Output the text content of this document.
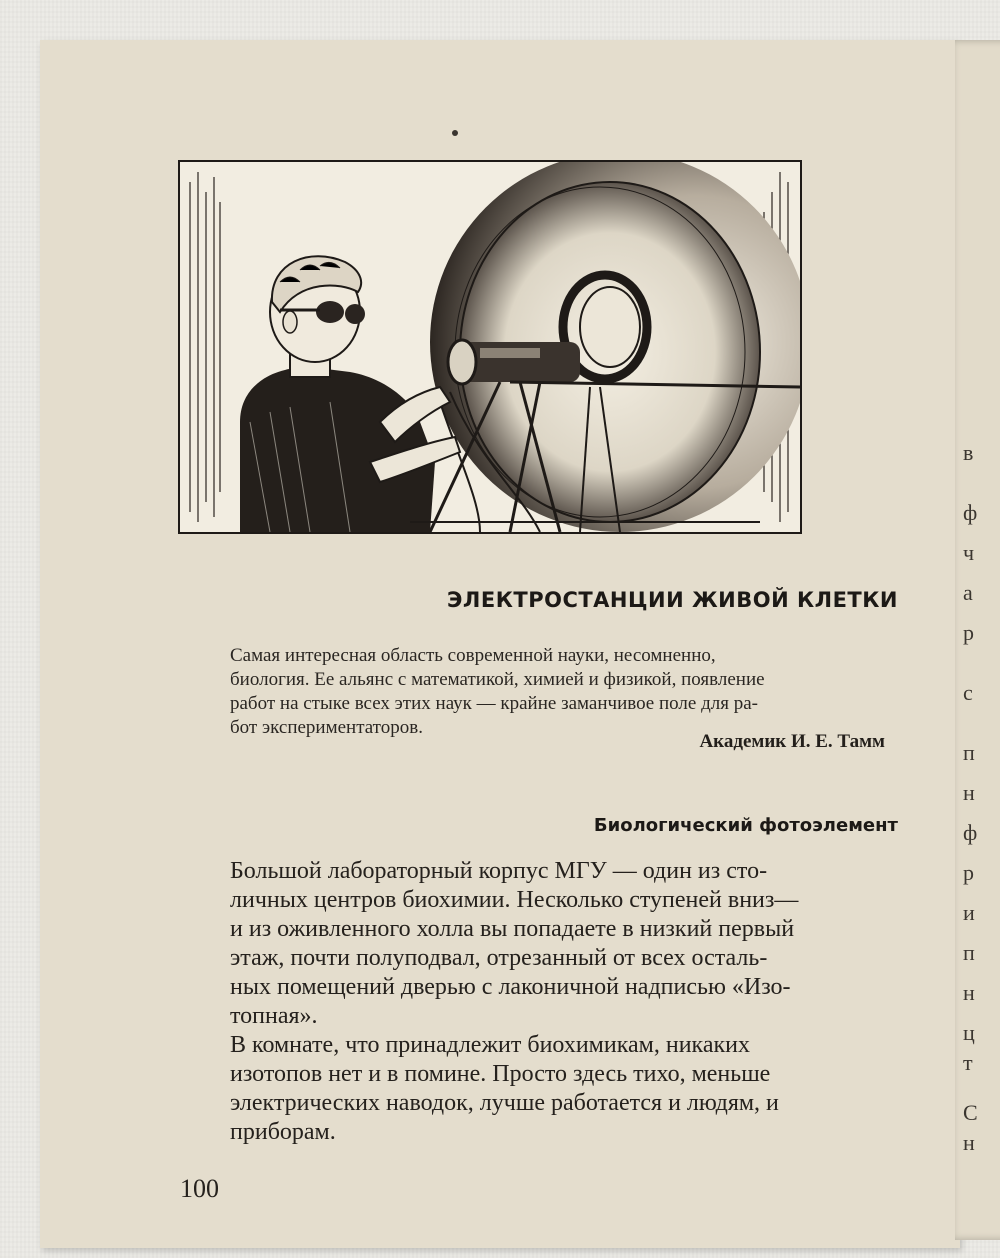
в
ф
ч
а
р
с
п
н
ф
р
и
п
н
ц
т
С
н
ЭЛЕКТРОСТАНЦИИ ЖИВОЙ КЛЕТКИ
Самая интересная область современной науки, несомненно,
биология. Ее альянс с математикой, химией и физикой, появление
работ на стыке всех этих наук — крайне заманчивое поле для ра-
бот экспериментаторов.
Академик И. Е. Тамм
Биологический фотоэлемент
Большой лабораторный корпус МГУ — один из сто-
личных центров биохимии. Несколько ступеней вниз—
и из оживленного холла вы попадаете в низкий первый
этаж, почти полуподвал, отрезанный от всех осталь-
ных помещений дверью с лаконичной надписью «Изо-
топная».
В комнате, что принадлежит биохимикам, никаких
изотопов нет и в помине. Просто здесь тихо, меньше
электрических наводок, лучше работается и людям, и
приборам.
100
